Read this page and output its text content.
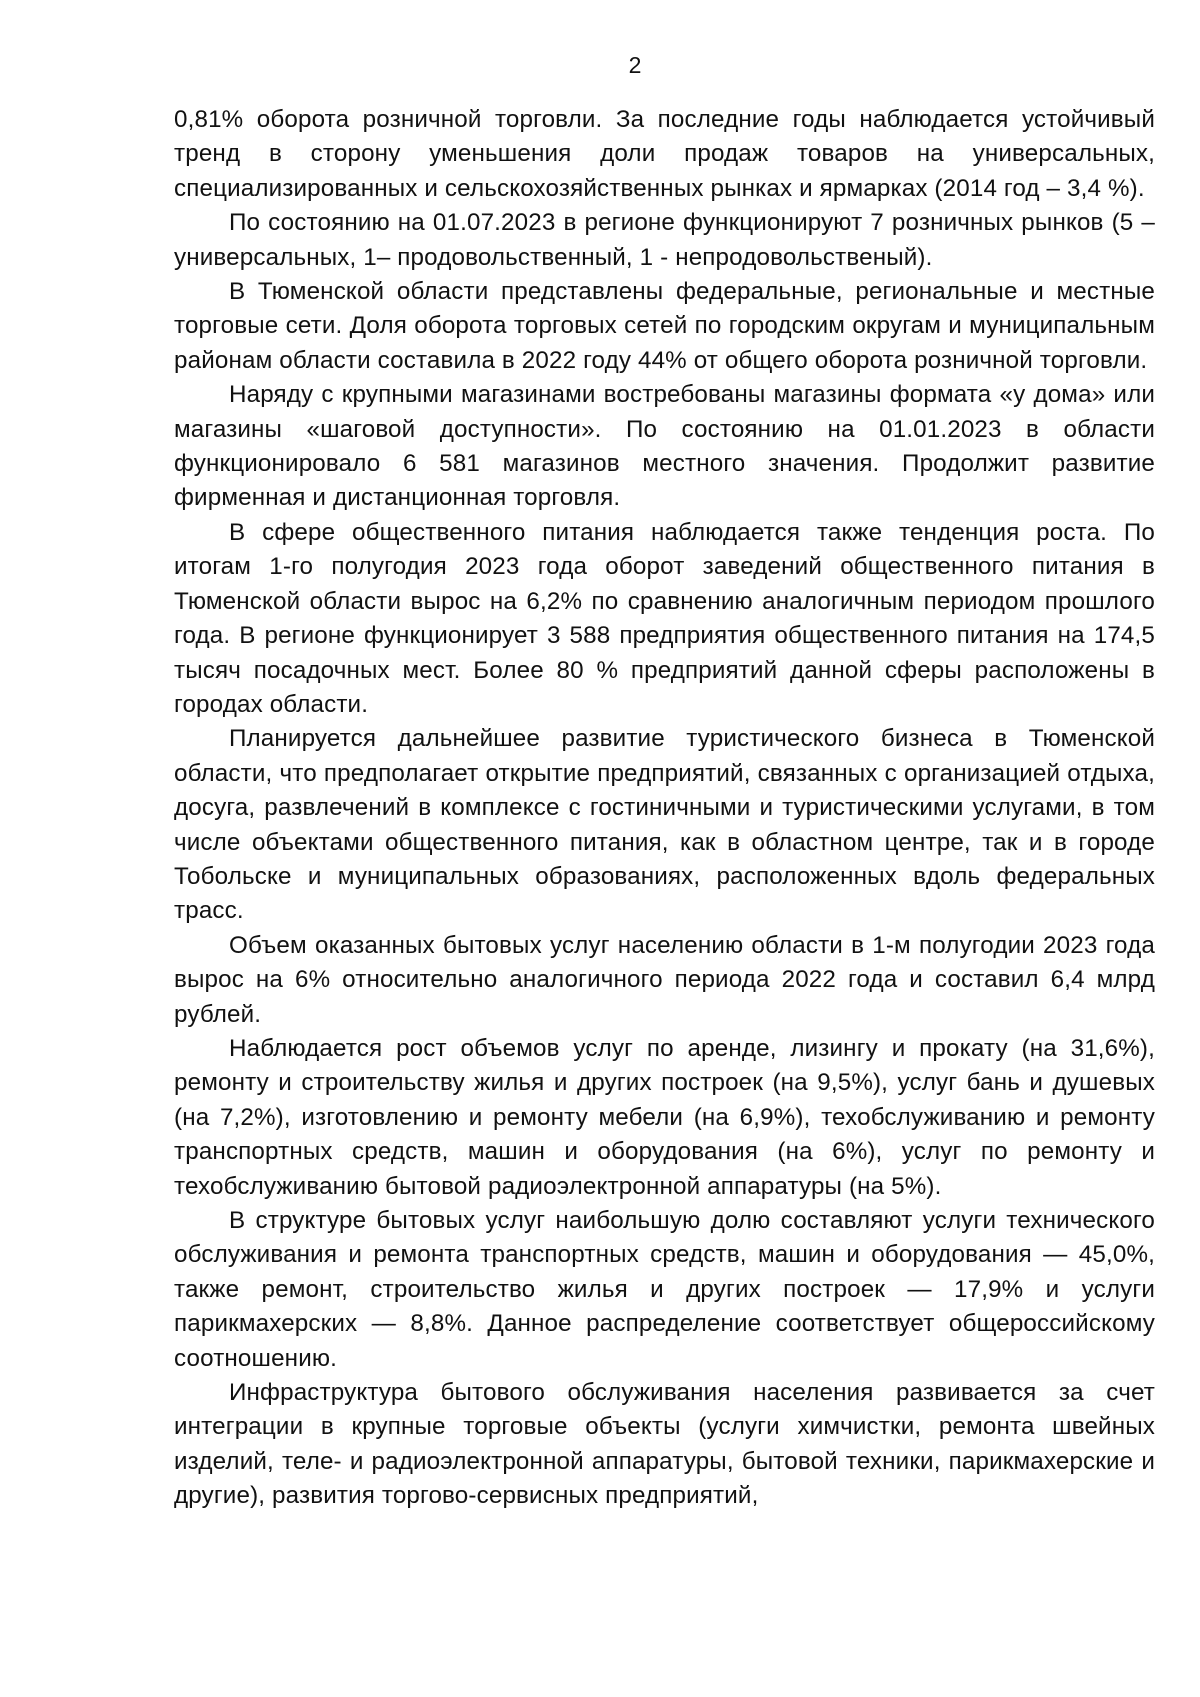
2

0,81% оборота розничной торговли. За последние годы наблюдается устойчивый тренд в сторону уменьшения доли продаж товаров на универсальных, специализированных и сельскохозяйственных рынках и ярмарках (2014 год – 3,4 %).

По состоянию на 01.07.2023 в регионе функционируют 7 розничных рынков (5 – универсальных, 1– продовольственный, 1 - непродовольственый).

В Тюменской области представлены федеральные, региональные и местные торговые сети. Доля оборота торговых сетей по городским округам и муниципальным районам области составила в 2022 году 44% от общего оборота розничной торговли.

Наряду с крупными магазинами востребованы магазины формата «у дома» или магазины «шаговой доступности». По состоянию на 01.01.2023 в области функционировало 6 581 магазинов местного значения. Продолжит развитие фирменная и дистанционная торговля.

В сфере общественного питания наблюдается также тенденция роста. По итогам 1-го полугодия 2023 года оборот заведений общественного питания в Тюменской области вырос на 6,2% по сравнению аналогичным периодом прошлого года. В регионе функционирует 3 588 предприятия общественного питания на 174,5 тысяч посадочных мест. Более 80 % предприятий данной сферы расположены в городах области.

Планируется дальнейшее развитие туристического бизнеса в Тюменской области, что предполагает открытие предприятий, связанных с организацией отдыха, досуга, развлечений в комплексе с гостиничными и туристическими услугами, в том числе объектами общественного питания, как в областном центре, так и в городе Тобольске и муниципальных образованиях, расположенных вдоль федеральных трасс.

Объем оказанных бытовых услуг населению области в 1-м полугодии 2023 года вырос на 6% относительно аналогичного периода 2022 года и составил 6,4 млрд рублей.

Наблюдается рост объемов услуг по аренде, лизингу и прокату (на 31,6%), ремонту и строительству жилья и других построек (на 9,5%), услуг бань и душевых (на 7,2%), изготовлению и ремонту мебели (на 6,9%), техобслуживанию и ремонту транспортных средств, машин и оборудования (на 6%), услуг по ремонту и техобслуживанию бытовой радиоэлектронной аппаратуры (на 5%).

В структуре бытовых услуг наибольшую долю составляют услуги технического обслуживания и ремонта транспортных средств, машин и оборудования — 45,0%, также ремонт, строительство жилья и других построек — 17,9% и услуги парикмахерских — 8,8%. Данное распределение соответствует общероссийскому соотношению.

Инфраструктура бытового обслуживания населения развивается за счет интеграции в крупные торговые объекты (услуги химчистки, ремонта швейных изделий, теле- и радиоэлектронной аппаратуры, бытовой техники, парикмахерские и другие), развития торгово-сервисных предприятий,
